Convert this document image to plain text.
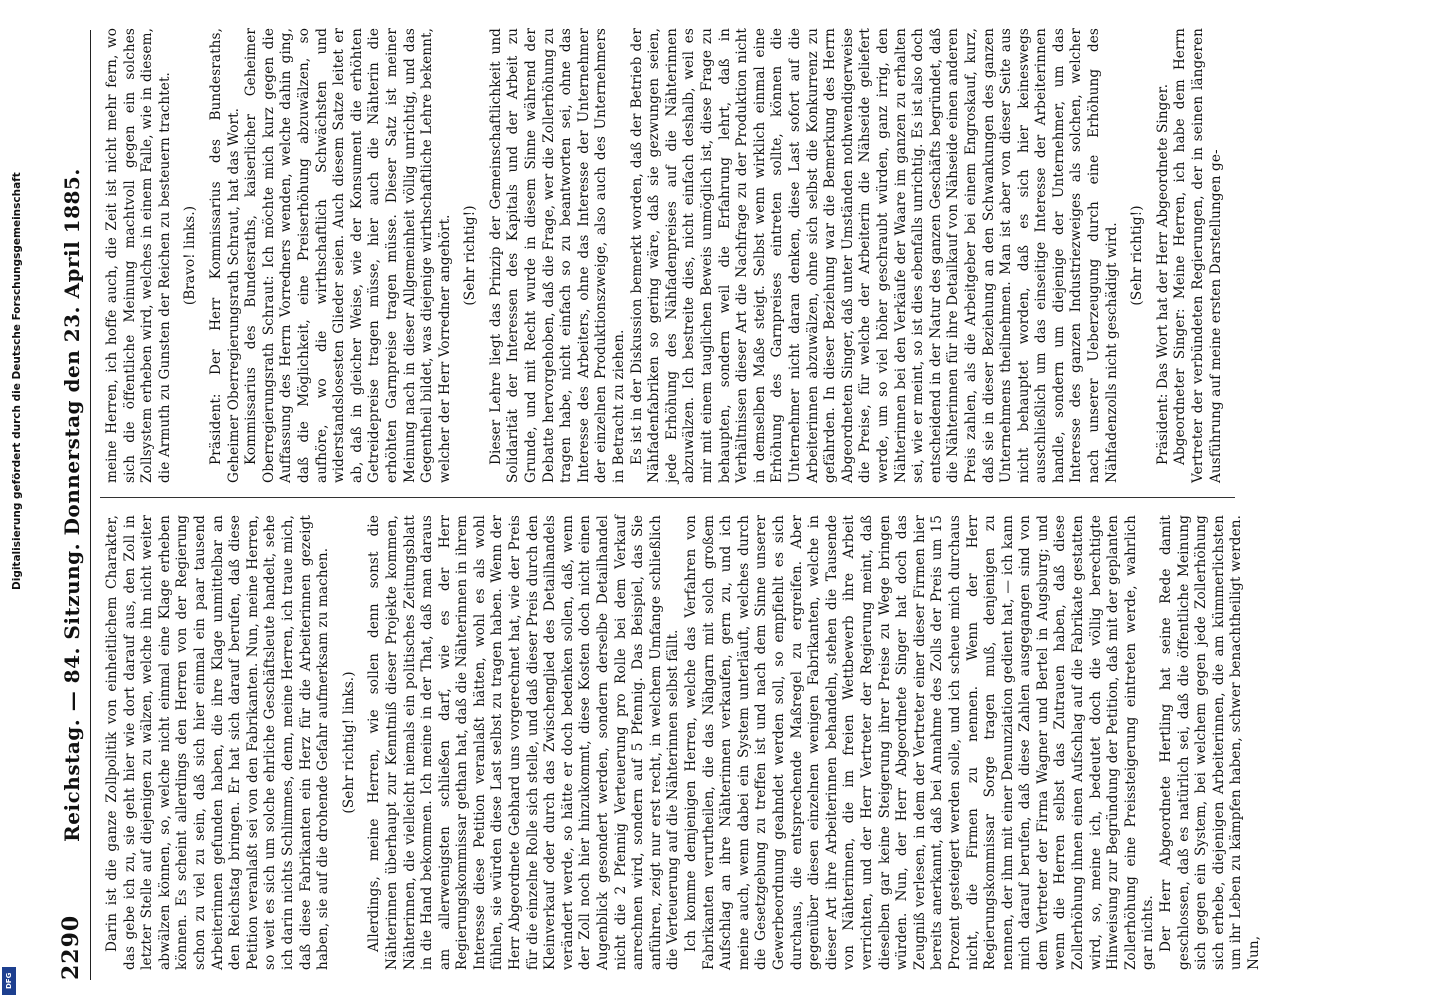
2290
Reichstag. — 84. Sitzung. Donnerstag den 23. April 1885. Darin ist die ganze Zollpolitik von einheitlichem Charakter, das gebe ich zu, sie geht hier wie dort darauf aus, den Zoll in letzter Stelle auf diejenigen zu wälzen, welche ihn nicht weiter abwälzen können, so, welche nicht einmal eine Klage erheben können. Es scheint allerdings den Herren von der Regierung schon zu viel zu sein, daß sich hier einmal ein paar tausend Arbeiterinnen gefunden haben, die ihre Klage unmittelbar an den Reichstag bringen. Er hat sich darauf berufen, daß diese Petition veranlaßt sei von den Fabrikanten. Nun, meine Herren, so weit es sich um solche ehrliche Geschäftsleute handelt, sehe ich darin nichts Schlimmes, denn, meine Herren, ich traue mich, daß diese Fabrikanten ein Herz für die Arbeiterinnen gezeigt haben, sie auf die drohende Gefahr aufmerksam zu machen. (Sehr richtig! links.) Allerdings, meine Herren, wie sollen denn sonst die Nähterinnen überhaupt zur Kenntniß dieser Projekte kommen, Nähterinnen, die vielleicht niemals ein politisches Zeitungsblatt in die Hand bekommen. Ich meine in der That, daß man daraus am allerwenigsten schließen darf, wie es der Herr Regierungskommissar gethan hat, daß die Nähterinnen in ihrem Interesse diese Petition veranlaßt hätten, wohl es als wohl fühlen, sie würden diese Last selbst zu tragen haben. Wenn der Herr Abgeordnete Gebhard uns vorgerechnet hat, wie der Preis für die einzelne Rolle sich stelle, und daß dieser Preis durch den Kleinverkauf oder durch das Zwischenglied des Detailhandels verändert werde, so hätte er doch bedenken sollen, daß, wenn der Zoll noch hier hinzukommt, diese Kosten doch nicht einen Augenblick gesondert werden, sondern derselbe Detailhandel nicht die 2 Pfennig Verteuerung pro Rolle bei dem Verkauf anrechnen wird, sondern auf 5 Pfennig. Das Beispiel, das Sie anführen, zeigt nur erst recht, in welchem Umfange schließlich die Verteuerung auf die Nähterinnen selbst fällt. Ich komme demjenigen Herren, welche das Verfahren von Fabrikanten verurtheilen, die das Nähgarn mit solch großem Aufschlag an ihre Nähterinnen verkaufen, gern zu, und ich meine auch, wenn dabei ein System unterläuft, welches durch die Gesetzgebung zu treffen ist und nach dem Sinne unserer Gewerbeordnung geahndet werden soll, so empfiehlt es sich durchaus, die entsprechende Maßregel zu ergreifen. Aber gegenüber diesen einzelnen wenigen Fabrikanten, welche in dieser Art ihre Arbeiterinnen behandeln, stehen die Tausende von Nähterinnen, die im freien Wettbewerb ihre Arbeit verrichten, und der Herr Vertreter der Regierung meint, daß dieselben gar keine Steigerung ihrer Preise zu Wege bringen würden. Nun, der Herr Abgeordnete Singer hat doch das Zeugniß verlesen, in dem der Vertreter einer dieser Firmen hier bereits anerkannt, daß bei Annahme des Zolls der Preis um 15 Prozent gesteigert werden solle, und ich scheue mich durchaus nicht, die Firmen zu nennen. Wenn der Herr Regierungskommissar Sorge tragen muß, denjenigen zu nennen, der ihm mit einer Denunziation gedient hat, — ich kann mich darauf berufen, daß diese Zahlen ausgegangen sind von dem Vertreter der Firma Wagner und Bertel in Augsburg; und wenn die Herren selbst das Zutrauen haben, daß diese Zollerhöhung ihnen einen Aufschlag auf die Fabrikate gestatten wird, so, meine ich, bedeutet doch die völlig berechtigte Hinweisung zur Begründung der Petition, daß mit der geplanten Zollerhöhung eine Preissteigerung eintreten werde, wahrlich gar nichts. Der Herr Abgeordnete Hertling hat seine Rede damit geschlossen, daß es natürlich sei, daß die öffentliche Meinung sich gegen ein System, bei welchem gegen jede Zollerhöhung sich erhebe, diejenigen Arbeiterinnen, die am kümmerlichsten um ihr Leben zu kämpfen haben, schwer benachtheiligt werden. Nun,

meine Herren, ich hoffe auch, die Zeit ist nicht mehr fern, wo sich die öffentliche Meinung machtvoll gegen ein solches Zollsystem erheben wird, welches in einem Falle, wie in diesem, die Armuth zu Gunsten der Reichen zu besteuern trachtet. (Bravo! links.) Präsident: Der Herr Kommissarius des Bundesraths, Geheimer Oberregierungsrath Schraut, hat das Wort. Kommissarius des Bundesraths, kaiserlicher Geheimer Oberregierungsrath Schraut: Ich möchte mich kurz gegen die Auffassung des Herrn Vorredners wenden, welche dahin ging, daß die Möglichkeit, eine Preiserhöhung abzuwälzen, so aufhöre, wo die wirthschaftlich Schwächsten und widerstandslosesten Glieder seien. Auch diesem Satze leitet er ab, daß in gleicher Weise, wie der Konsument die erhöhten Getreidepreise tragen müsse, hier auch die Nähterin die erhöhten Garnpreise tragen müsse. Dieser Satz ist meiner Meinung nach in dieser Allgemeinheit völlig unrichtig, und das Gegentheil bildet, was diejenige wirthschaftliche Lehre bekennt, welcher der Herr Vorredner angehört. (Sehr richtig!) Dieser Lehre liegt das Prinzip der Gemeinschaftlichkeit und Solidarität der Interessen des Kapitals und der Arbeit zu Grunde, und mit Recht wurde in diesem Sinne während der Debatte hervorgehoben, daß die Frage, wer die Zollerhöhung zu tragen habe, nicht einfach so zu beantworten sei, ohne das Interesse des Arbeiters, ohne das Interesse der Unternehmer der einzelnen Produktionszweige, also auch des Unternehmers in Betracht zu ziehen. Es ist in der Diskussion bemerkt worden, daß der Betrieb der Nähfadenfabriken so gering wäre, daß sie gezwungen seien, jede Erhöhung des Nähfadenpreises auf die Nähterinnen abzuwälzen. Ich bestreite dies, nicht einfach deshalb, weil es mir mit einem tauglichen Beweis unmöglich ist, diese Frage zu behaupten, sondern weil die Erfahrung lehrt, daß in Verhältnissen dieser Art die Nachfrage zu der Produktion nicht in demselben Maße steigt. Selbst wenn wirklich einmal eine Erhöhung des Garnpreises eintreten sollte, können die Unternehmer nicht daran denken, diese Last sofort auf die Arbeiterinnen abzuwälzen, ohne sich selbst die Konkurrenz zu gefährden. In dieser Beziehung war die Bemerkung des Herrn Abgeordneten Singer, daß unter Umständen nothwendigerweise die Preise, für welche der Arbeiterin die Nähseide geliefert werde, um so viel höher geschraubt würden, ganz irrig, den Nähterinnen bei den Verkäufe der Waare im ganzen zu erhalten sei, wie er meint, so ist dies ebenfalls unrichtig. Es ist also doch entscheidend in der Natur des ganzen Geschäfts begründet, daß die Nähterinnen für ihre Detailkauf von Nähseide einen anderen Preis zahlen, als die Arbeitgeber bei einem Engroskauf, kurz, daß sie in dieser Beziehung an den Schwankungen des ganzen Unternehmens theilnehmen. Man ist aber von dieser Seite aus nicht behauptet worden, daß es sich hier keineswegs ausschließlich um das einseitige Interesse der Arbeiterinnen handle, sondern um diejenige der Unternehmer, um das Interesse des ganzen Industriezweiges als solchen, welcher nach unserer Ueberzeugung durch eine Erhöhung des Nähfadenzolls nicht geschädigt wird. (Sehr richtig!) Präsident: Das Wort hat der Herr Abgeordnete Singer. Abgeordneter Singer: Meine Herren, ich habe dem Herrn Vertreter der verbündeten Regierungen, der in seinen längeren Ausführung auf meine ersten Darstellungen ge-

Digitalisierung gefördert durch die Deutsche Forschungsgemeinschaft
DFG
